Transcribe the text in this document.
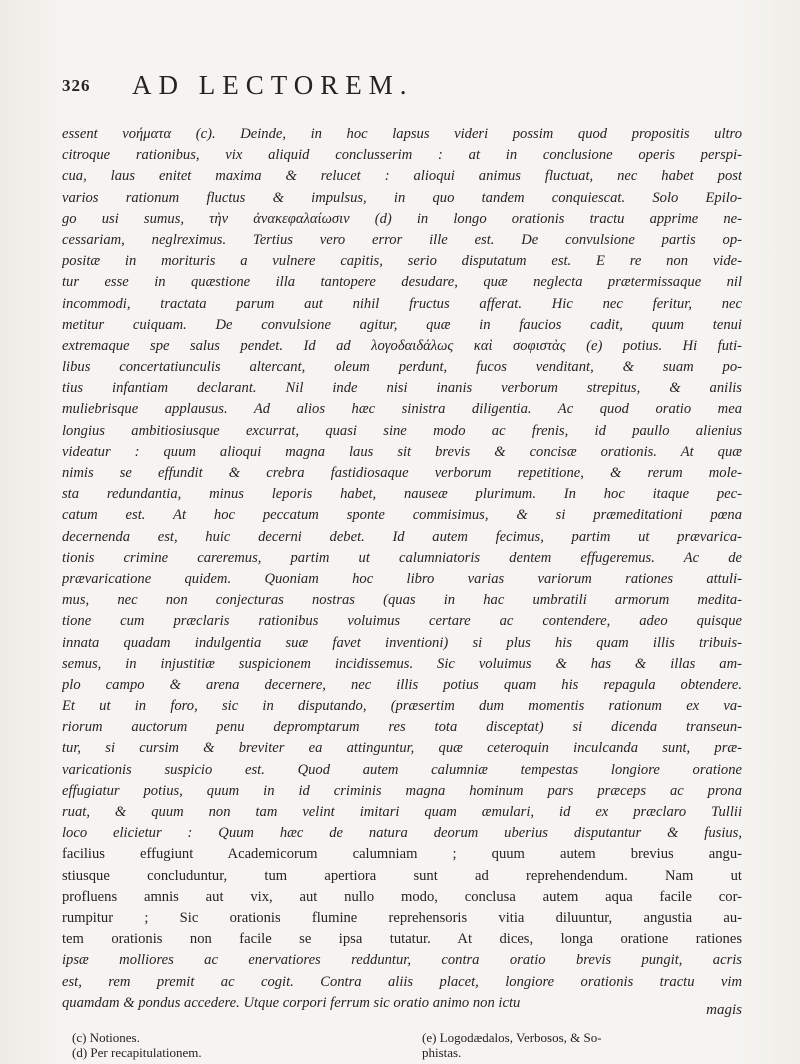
326 AD LECTOREM.
essent νοήματα (c). Deinde, in hoc lapsus videri possim quod propositis ultro
citroque rationibus, vix aliquid conclusserim : at in conclusione operis perspi-
cua, laus enitet maxima & relucet : alioqui animus fluctuat, nec habet post
varios rationum fluctus & impulsus, in quo tandem conquiescat. Solo Epilo-
go usi sumus, τὴν ἀνακεφαλαίωσιν (d) in longo orationis tractu apprime ne-
cessariam, neglreximus. Tertius vero error ille est. De convulsione partis op-
positæ in morituris a vulnere capitis, serio disputatum est. E re non vide-
tur esse in quæstione illa tantopere desudare, quæ neglecta prætermissaque nil
incommodi, tractata parum aut nihil fructus afferat. Hic nec feritur, nec
metitur cuiquam. De convulsione agitur, quæ in faucios cadit, quum tenui
extremaque spe salus pendet. Id ad λογοδαιδάλως καὶ σοφιστὰς (e) potius. Hi futi-
libus concertatiunculis altercant, oleum perdunt, fucos venditant, & suam po-
tius infantiam declarant. Nil inde nisi inanis verborum strepitus, & anilis
muliebrisque applausus. Ad alios hæc sinistra diligentia. Ac quod oratio mea
longius ambitiosiusque excurrat, quasi sine modo ac frenis, id paullo alienius
videatur : quum alioqui magna laus sit brevis & concisæ orationis. At quæ
nimis se effundit & crebra fastidiosaque verborum repetitione, & rerum mole-
sta redundantia, minus leporis habet, nauseæ plurimum. In hoc itaque pec-
catum est. At hoc peccatum sponte commisimus, & si præmeditationi pœna
decernenda est, huic decerni debet. Id autem fecimus, partim ut prævarica-
tionis crimine careremus, partim ut calumniatoris dentem effugeremus. Ac de
prævaricatione quidem. Quoniam hoc libro varias variorum rationes attuli-
mus, nec non conjecturas nostras (quas in hac umbratili armorum medita-
tione cum præclaris rationibus voluimus certare ac contendere, adeo quisque
innata quadam indulgentia suæ favet inventioni) si plus his quam illis tribuis-
semus, in injustitiæ suspicionem incidissemus. Sic voluimus & has & illas am-
plo campo & arena decernere, nec illis potius quam his repagula obtendere.
Et ut in foro, sic in disputando, (præsertim dum momentis rationum ex va-
riorum auctorum penu depromptarum res tota disceptat) si dicenda transeun-
tur, si cursim & breviter ea attinguntur, quæ ceteroquin inculcanda sunt, præ-
varicationis suspicio est. Quod autem calumniæ tempestas longiore oratione
effugiatur potius, quum in id criminis magna hominum pars præceps ac prona
ruat, & quum non tam velint imitari quam æmulari, id ex præclaro Tullii
loco elicietur : Quum hæc de natura deorum uberius disputantur & fusius,
facilius effugiunt Academicorum calumniam ; quum autem brevius angu-
stiusque concluduntur, tum apertiora sunt ad reprehendendum. Nam ut
profluens amnis aut vix, aut nullo modo, conclusa autem aqua facile cor-
rumpitur ; Sic orationis flumine reprehensoris vitia diluuntur, angustia au-
tem orationis non facile se ipsa tutatur. At dices, longa oratione rationes
ipsæ molliores ac enervatiores redduntur, contra oratio brevis pungit, acris
est, rem premit ac cogit. Contra aliis placet, longiore orationis tractu vim
quamdam & pondus accedere. Utque corpori ferrum sic oratio animo non ictu	magis
(c) Notiones.
(d) Per recapitulationem.
(e) Logodædalos, Verbosos, & So-
phistas.
